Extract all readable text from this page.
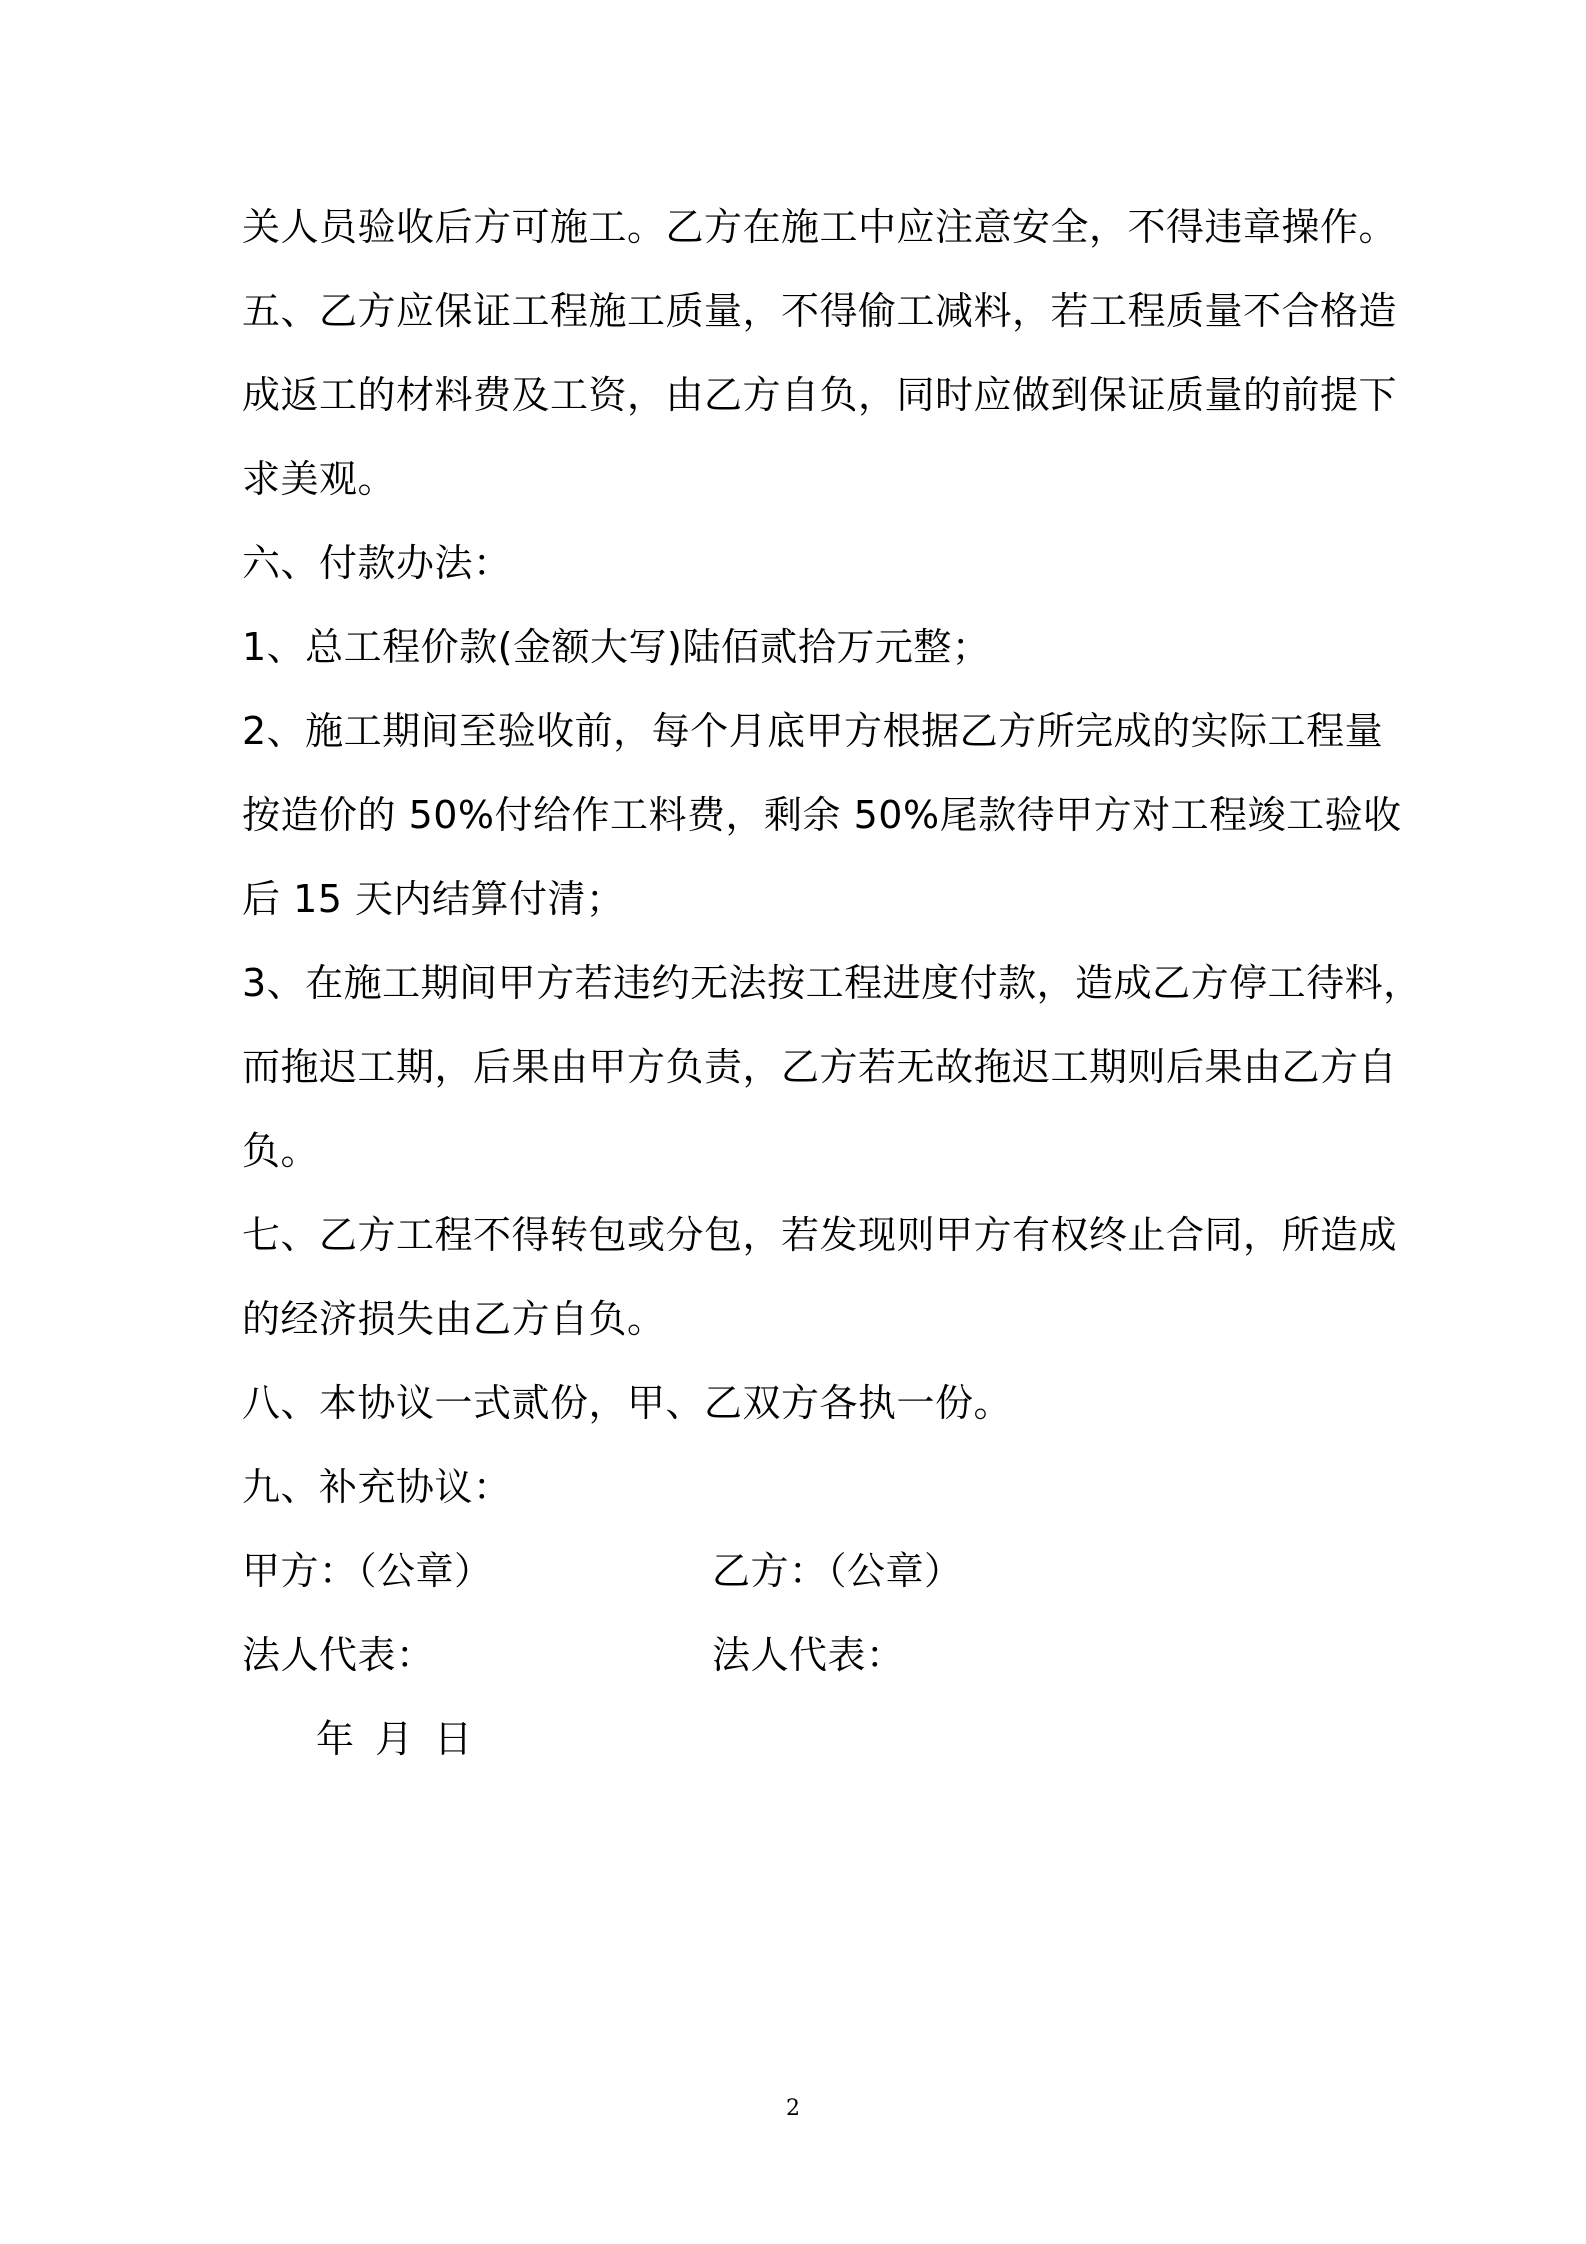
关人员验收后方可施工。乙方在施工中应注意安全，不得违章操作。
五、乙方应保证工程施工质量，不得偷工减料，若工程质量不合格造
成返工的材料费及工资，由乙方自负，同时应做到保证质量的前提下
求美观。
六、付款办法：
1、总工程价款(金额大写)陆佰贰拾万元整；
2、施工期间至验收前，每个月底甲方根据乙方所完成的实际工程量
按造价的 50%付给作工料费，剩余 50%尾款待甲方对工程竣工验收
后 15 天内结算付清；
3、在施工期间甲方若违约无法按工程进度付款，造成乙方停工待料，
而拖迟工期，后果由甲方负责，乙方若无故拖迟工期则后果由乙方自
负。
七、乙方工程不得转包或分包，若发现则甲方有权终止合同，所造成
的经济损失由乙方自负。
八、本协议一式贰份，甲、乙双方各执一份。
九、补充协议：
甲方：（公章）	乙方：（公章）
法人代表：	法人代表：
年 月 日
2
